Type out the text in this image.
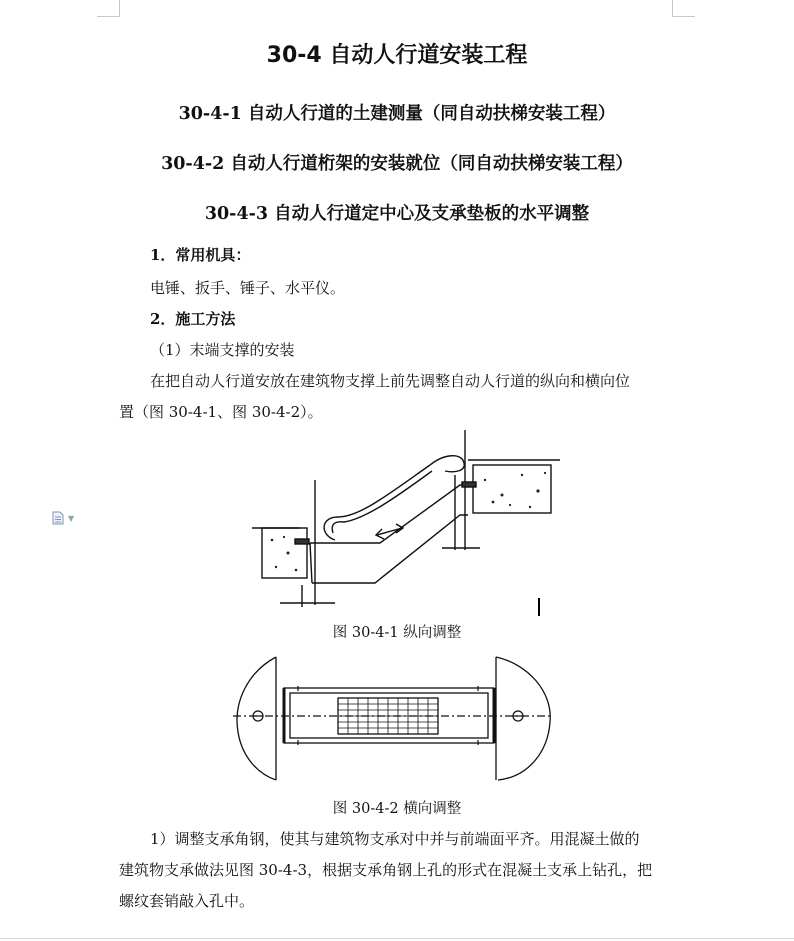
30-4 自动人行道安装工程
30-4-1 自动人行道的土建测量（同自动扶梯安装工程）
30-4-2 自动人行道桁架的安装就位（同自动扶梯安装工程）
30-4-3 自动人行道定中心及支承垫板的水平调整
1．常用机具：
电锤、扳手、锤子、水平仪。
2．施工方法
（1）末端支撑的安装
在把自动人行道安放在建筑物支撑上前先调整自动人行道的纵向和横向位
置（图 30-4-1、图 30-4-2）。
图 30-4-1 纵向调整
图 30-4-2 横向调整
1）调整支承角钢，使其与建筑物支承对中并与前端面平齐。用混凝土做的
建筑物支承做法见图 30-4-3，根据支承角钢上孔的形式在混凝土支承上钻孔，把
螺纹套销敲入孔中。
▼
